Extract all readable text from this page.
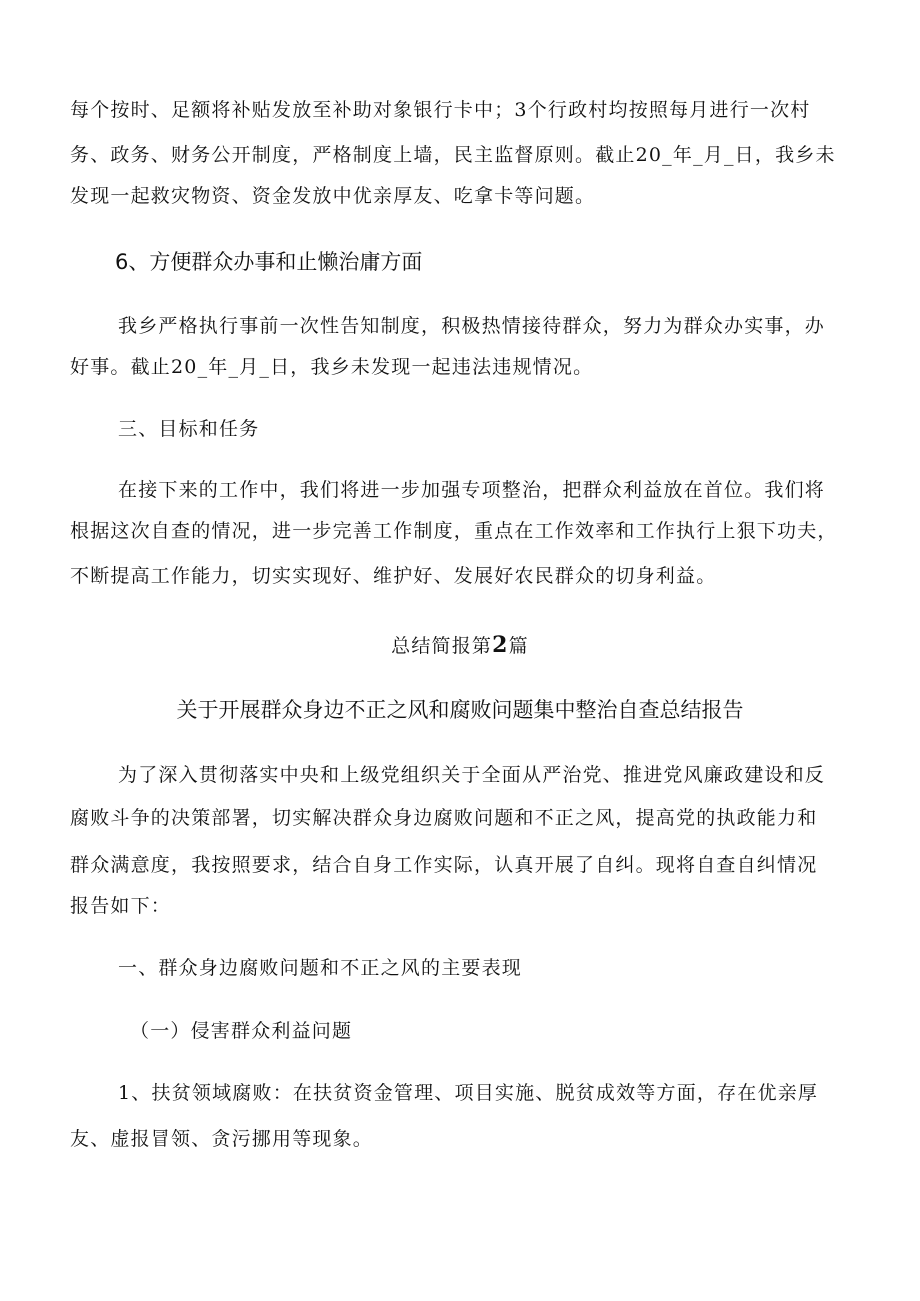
每个按时、足额将补贴发放至补助对象银行卡中；3个行政村均按照每月进行一次村
务、政务、财务公开制度，严格制度上墙，民主监督原则。截止20_年_月_日，我乡未
发现一起救灾物资、资金发放中优亲厚友、吃拿卡等问题。
6、方便群众办事和止懒治庸方面
我乡严格执行事前一次性告知制度，积极热情接待群众，努力为群众办实事，办
好事。截止20_年_月_日，我乡未发现一起违法违规情况。
三、目标和任务
在接下来的工作中，我们将进一步加强专项整治，把群众利益放在首位。我们将
根据这次自查的情况，进一步完善工作制度，重点在工作效率和工作执行上狠下功夫，
不断提高工作能力，切实实现好、维护好、发展好农民群众的切身利益。
总结简报第2篇
关于开展群众身边不正之风和腐败问题集中整治自查总结报告
为了深入贯彻落实中央和上级党组织关于全面从严治党、推进党风廉政建设和反
腐败斗争的决策部署，切实解决群众身边腐败问题和不正之风，提高党的执政能力和
群众满意度，我按照要求，结合自身工作实际，认真开展了自纠。现将自查自纠情况
报告如下：
一、群众身边腐败问题和不正之风的主要表现
（一）侵害群众利益问题
1、扶贫领域腐败：在扶贫资金管理、项目实施、脱贫成效等方面，存在优亲厚
友、虚报冒领、贪污挪用等现象。
